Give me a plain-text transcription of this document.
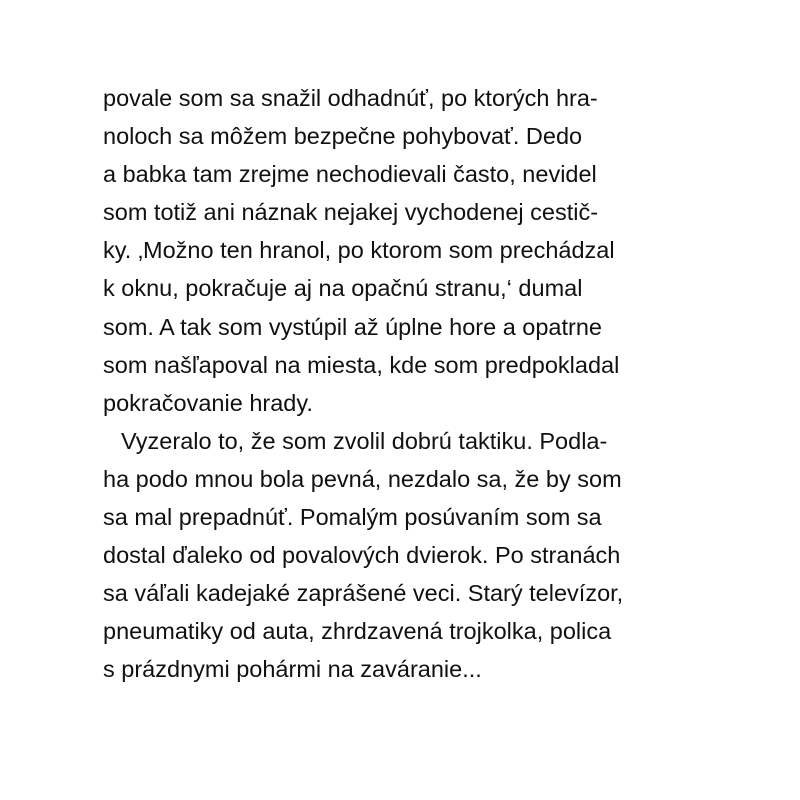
povale som sa snažil odhadnúť, po ktorých hra-
noloch sa môžem bezpečne pohybovať. Dedo
a babka tam zrejme nechodievali často, nevidel
som totiž ani náznak nejakej vychodenej cestič-
ky. ‚Možno ten hranol, po ktorom som prechádzal
k oknu, pokračuje aj na opačnú stranu,‘ dumal
som. A tak som vystúpil až úplne hore a opatrne
som našľapoval na miesta, kde som predpokladal
pokračovanie hrady.
Vyzeralo to, že som zvolil dobrú taktiku. Podla-
ha podo mnou bola pevná, nezdalo sa, že by som
sa mal prepadnúť. Pomalým posúvaním som sa
dostal ďaleko od povalových dvierok. Po stranách
sa váľali kadejaké zaprášené veci. Starý televízor,
pneumatiky od auta, zhrdzavená trojkolka, polica
s prázdnymi pohármi na zaváranie...
